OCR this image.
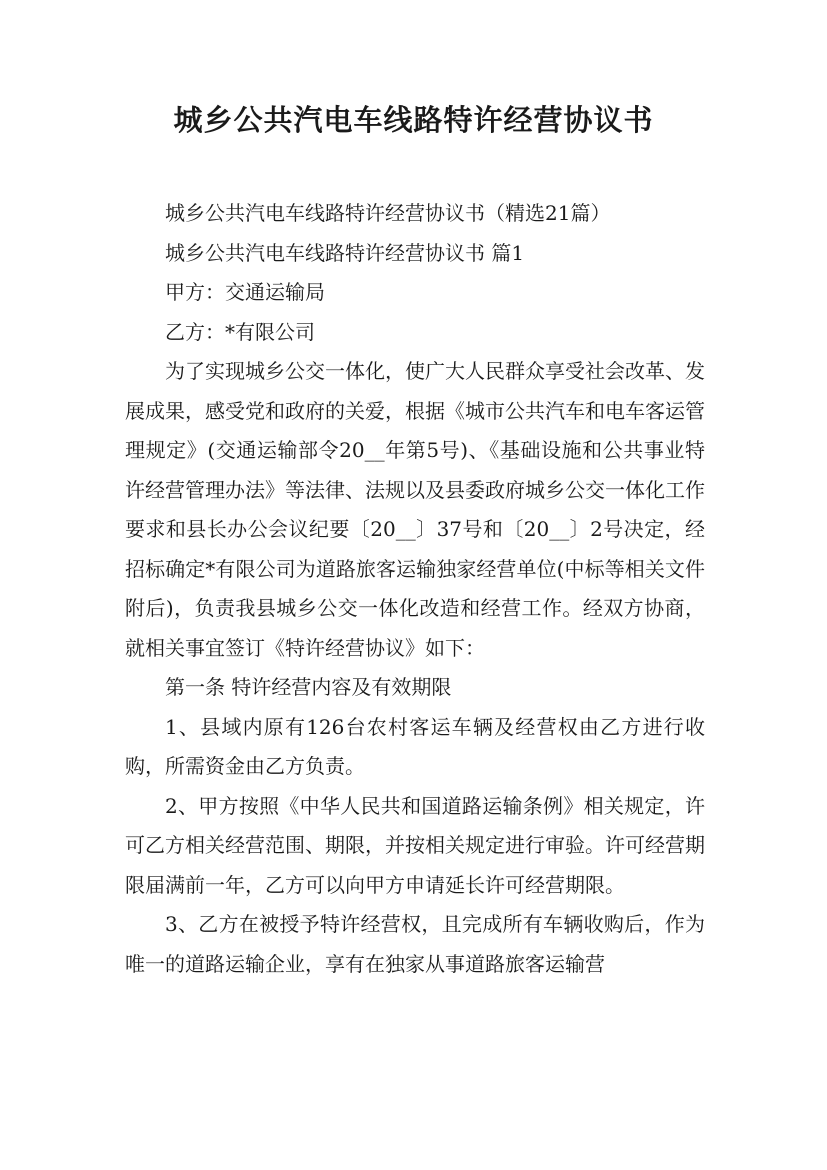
城乡公共汽电车线路特许经营协议书

城乡公共汽电车线路特许经营协议书（精选21篇）

城乡公共汽电车线路特许经营协议书 篇1

甲方：交通运输局

乙方：*有限公司

为了实现城乡公交一体化，使广大人民群众享受社会改革、发展成果，感受党和政府的关爱，根据《城市公共汽车和电车客运管理规定》(交通运输部令20__年第5号)、《基础设施和公共事业特许经营管理办法》等法律、法规以及县委政府城乡公交一体化工作要求和县长办公会议纪要〔20__〕37号和〔20__〕2号决定，经招标确定*有限公司为道路旅客运输独家经营单位(中标等相关文件附后)，负责我县城乡公交一体化改造和经营工作。经双方协商，就相关事宜签订《特许经营协议》如下：

第一条 特许经营内容及有效期限

1、县域内原有126台农村客运车辆及经营权由乙方进行收购，所需资金由乙方负责。

2、甲方按照《中华人民共和国道路运输条例》相关规定，许可乙方相关经营范围、期限，并按相关规定进行审验。许可经营期限届满前一年，乙方可以向甲方申请延长许可经营期限。

3、乙方在被授予特许经营权，且完成所有车辆收购后，作为唯一的道路运输企业，享有在独家从事道路旅客运输营
